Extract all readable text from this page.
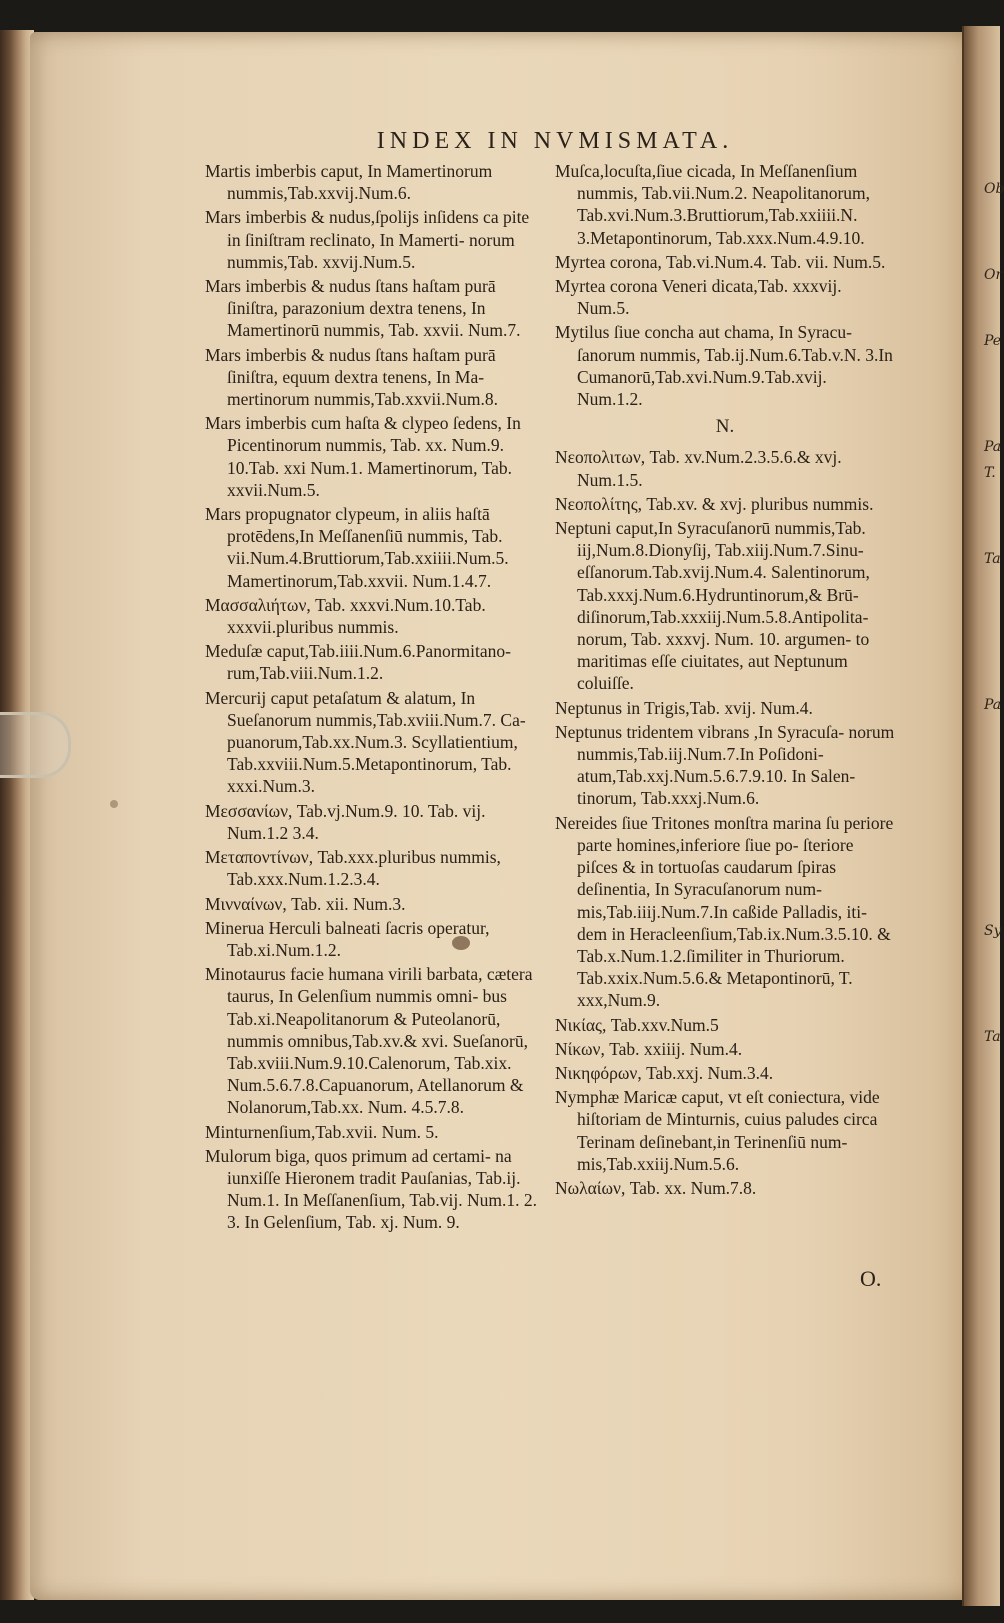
Ob
Or
Pe
Pa
T.
Ta
Pa
Sy
Ta
INDEX IN NVMISMATA.
Martis imberbis caput, In Mamertinorum nummis,Tab.xxvij.Num.6.
Mars imberbis & nudus,ſpolijs inſidens ca pite in ſiniſtram reclinato, In Mamerti- norum nummis,Tab. xxvij.Num.5.
Mars imberbis & nudus ſtans haſtam purā ſiniſtra, parazonium dextra tenens, In Mamertinorū nummis, Tab. xxvii. Num.7.
Mars imberbis & nudus ſtans haſtam purā ſiniſtra, equum dextra tenens, In Ma- mertinorum nummis,Tab.xxvii.Num.8.
Mars imberbis cum haſta & clypeo ſedens, In Picentinorum nummis, Tab. xx. Num.9. 10.Tab. xxi Num.1. Mamertinorum, Tab. xxvii.Num.5.
Mars propugnator clypeum, in aliis haſtā protēdens,In Meſſanenſiū nummis, Tab. vii.Num.4.Bruttiorum,Tab.xxiiii.Num.5. Mamertinorum,Tab.xxvii. Num.1.4.7.
Μασσαλιήτων, Tab. xxxvi.Num.10.Tab. xxxvii.pluribus nummis.
Meduſæ caput,Tab.iiii.Num.6.Panormitano- rum,Tab.viii.Num.1.2.
Mercurij caput petaſatum & alatum, In Sueſanorum nummis,Tab.xviii.Num.7. Ca- puanorum,Tab.xx.Num.3. Scyllatientium, Tab.xxviii.Num.5.Metapontinorum, Tab. xxxi.Num.3.
Μεσσανίων, Tab.vj.Num.9. 10. Tab. vij. Num.1.2 3.4.
Μεταποντίνων, Tab.xxx.pluribus nummis, Tab.xxx.Num.1.2.3.4.
Μινναίνων, Tab. xii. Num.3.
Minerua Herculi balneati ſacris operatur, Tab.xi.Num.1.2.
Minotaurus facie humana virili barbata, cætera taurus, In Gelenſium nummis omni- bus Tab.xi.Neapolitanorum & Puteolanorū, nummis omnibus,Tab.xv.& xvi. Sueſanorū, Tab.xviii.Num.9.10.Calenorum, Tab.xix. Num.5.6.7.8.Capuanorum, Atellanorum & Nolanorum,Tab.xx. Num. 4.5.7.8.
Minturnenſium,Tab.xvii. Num. 5.
Mulorum biga, quos primum ad certami- na iunxiſſe Hieronem tradit Pauſanias, Tab.ij. Num.1. In Meſſanenſium, Tab.vij. Num.1. 2. 3. In Gelenſium, Tab. xj. Num. 9.
Muſca,locuſta,ſiue cicada, In Meſſanenſium nummis, Tab.vii.Num.2. Neapolitanorum, Tab.xvi.Num.3.Bruttiorum,Tab.xxiiii.N. 3.Metapontinorum, Tab.xxx.Num.4.9.10.
Myrtea corona, Tab.vi.Num.4. Tab. vii. Num.5.
Myrtea corona Veneri dicata,Tab. xxxvij. Num.5.
Mytilus ſiue concha aut chama, In Syracu- ſanorum nummis, Tab.ij.Num.6.Tab.v.N. 3.In Cumanorū,Tab.xvi.Num.9.Tab.xvij. Num.1.2.
N.
Νεοπολιτων, Tab. xv.Num.2.3.5.6.& xvj. Num.1.5.
Νεοπολίτης, Tab.xv. & xvj. pluribus nummis.
Neptuni caput,In Syracuſanorū nummis,Tab. iij,Num.8.Dionyſij, Tab.xiij.Num.7.Sinu- eſſanorum.Tab.xvij.Num.4. Salentinorum, Tab.xxxj.Num.6.Hydruntinorum,& Brū- diſinorum,Tab.xxxiij.Num.5.8.Antipolita- norum, Tab. xxxvj. Num. 10. argumen- to maritimas eſſe ciuitates, aut Neptunum coluiſſe.
Neptunus in Trigis,Tab. xvij. Num.4.
Neptunus tridentem vibrans ,In Syracuſa- norum nummis,Tab.iij.Num.7.In Poſidoni- atum,Tab.xxj.Num.5.6.7.9.10. In Salen- tinorum, Tab.xxxj.Num.6.
Nereides ſiue Tritones monſtra marina ſu periore parte homines,inferiore ſiue po- ſteriore piſces & in tortuoſas caudarum ſpiras deſinentia, In Syracuſanorum num- mis,Tab.iiij.Num.7.In caßide Palladis, iti- dem in Heracleenſium,Tab.ix.Num.3.5.10. & Tab.x.Num.1.2.ſimiliter in Thuriorum. Tab.xxix.Num.5.6.& Metapontinorū, T. xxx,Num.9.
Νικίας, Tab.xxv.Num.5
Νίκων, Tab. xxiiij. Num.4.
Νικηφόρων, Tab.xxj. Num.3.4.
Nymphæ Maricæ caput, vt eſt coniectura, vide hiſtoriam de Minturnis, cuius paludes circa Terinam deſinebant,in Terinenſiū num- mis,Tab.xxiij.Num.5.6.
Νωλαίων, Tab. xx. Num.7.8.
O.
